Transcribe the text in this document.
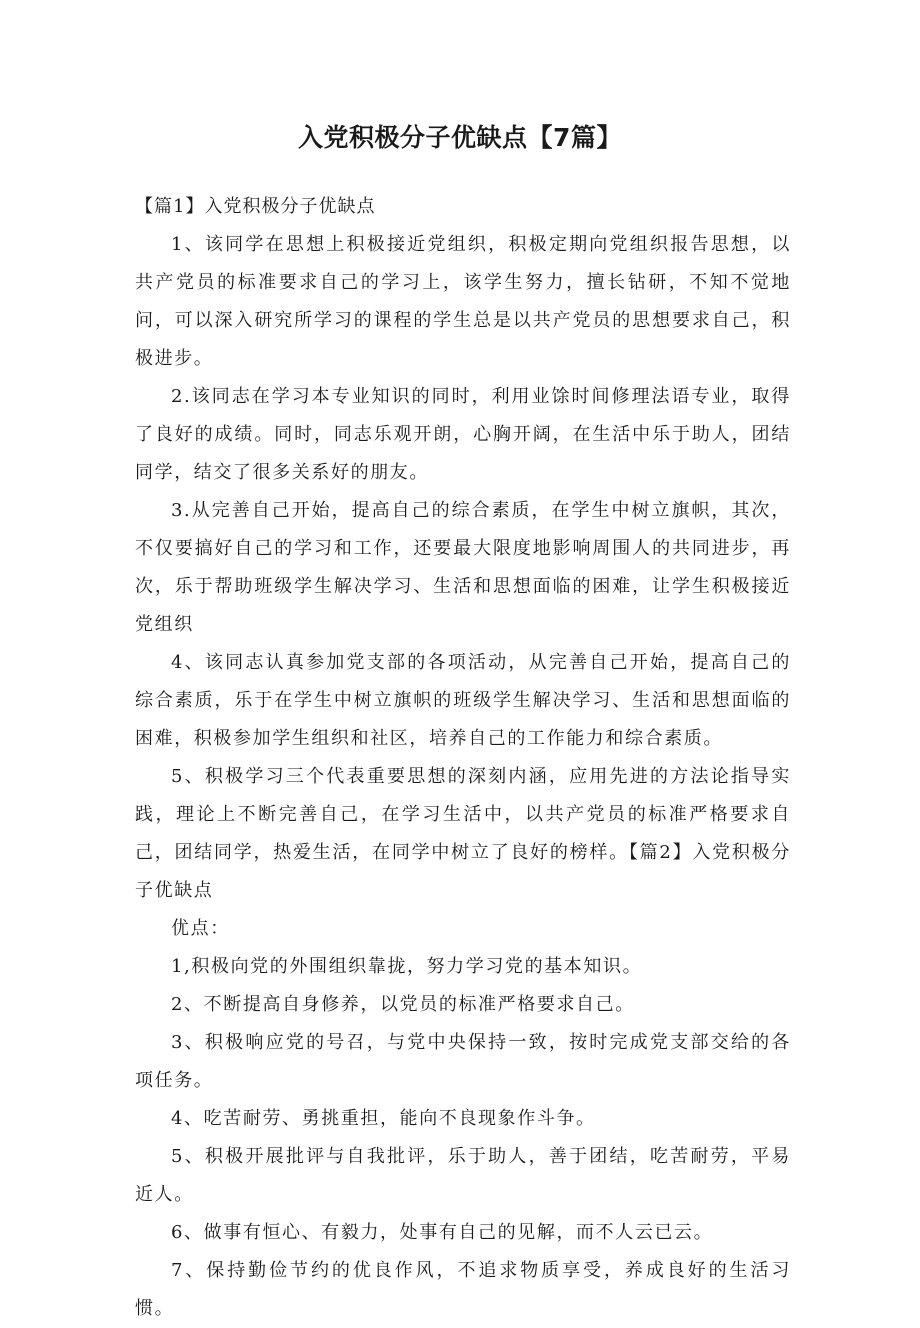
入党积极分子优缺点【7篇】

【篇1】入党积极分子优缺点

1、该同学在思想上积极接近党组织，积极定期向党组织报告思想，以共产党员的标准要求自己的学习上，该学生努力，擅长钻研，不知不觉地问，可以深入研究所学习的课程的学生总是以共产党员的思想要求自己，积极进步。

2.该同志在学习本专业知识的同时，利用业馀时间修理法语专业，取得了良好的成绩。同时，同志乐观开朗，心胸开阔，在生活中乐于助人，团结同学，结交了很多关系好的朋友。

3.从完善自己开始，提高自己的综合素质，在学生中树立旗帜，其次，不仅要搞好自己的学习和工作，还要最大限度地影响周围人的共同进步，再次，乐于帮助班级学生解决学习、生活和思想面临的困难，让学生积极接近党组织

4、该同志认真参加党支部的各项活动，从完善自己开始，提高自己的综合素质，乐于在学生中树立旗帜的班级学生解决学习、生活和思想面临的困难，积极参加学生组织和社区，培养自己的工作能力和综合素质。

5、积极学习三个代表重要思想的深刻内涵，应用先进的方法论指导实践，理论上不断完善自己，在学习生活中，以共产党员的标准严格要求自己，团结同学，热爱生活，在同学中树立了良好的榜样。【篇2】入党积极分子优缺点

优点：

1,积极向党的外围组织靠拢，努力学习党的基本知识。

2、不断提高自身修养，以党员的标准严格要求自己。

3、积极响应党的号召，与党中央保持一致，按时完成党支部交给的各项任务。

4、吃苦耐劳、勇挑重担，能向不良现象作斗争。

5、积极开展批评与自我批评，乐于助人，善于团结，吃苦耐劳，平易近人。

6、做事有恒心、有毅力，处事有自己的见解，而不人云已云。

7、保持勤俭节约的优良作风，不追求物质享受，养成良好的生活习惯。
